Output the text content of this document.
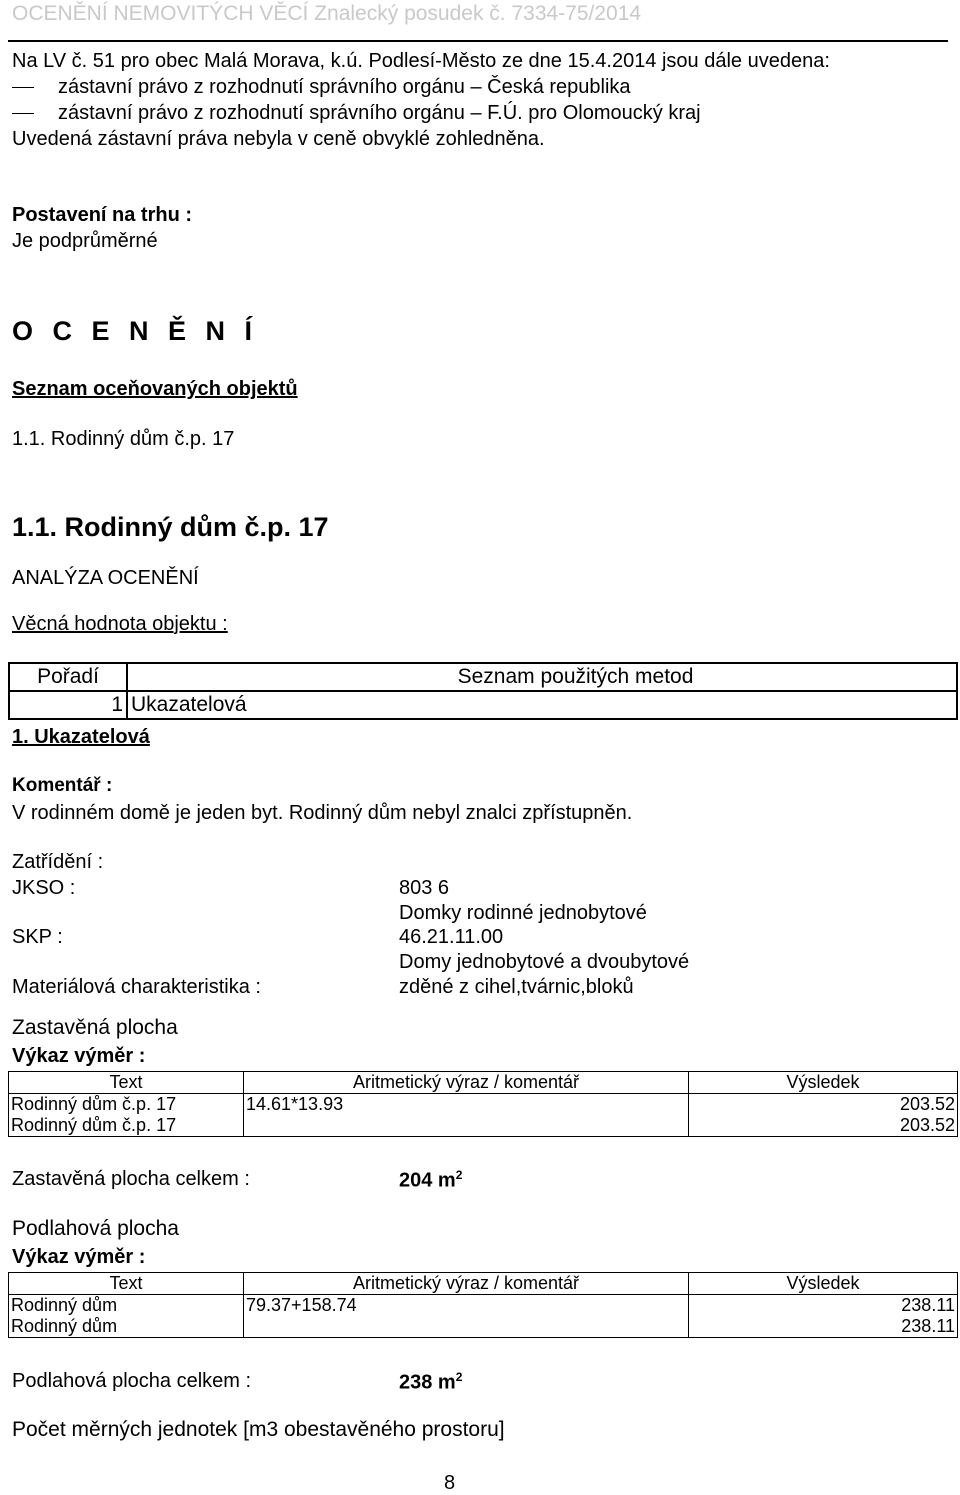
OCENĚNÍ NEMOVITÝCH VĚCÍ Znalecký posudek č. 7334-75/2014
Na LV č. 51 pro obec Malá Morava, k.ú. Podlesí-Město ze dne 15.4.2014 jsou dále uvedena:
zástavní právo z rozhodnutí správního orgánu – Česká republika
zástavní právo z rozhodnutí správního orgánu – F.Ú. pro Olomoucký kraj
Uvedená zástavní práva nebyla v ceně obvyklé zohledněna.
Postavení na trhu :
Je podprůměrné
O C E N Ě N Í
Seznam oceňovaných objektů
1.1. Rodinný dům č.p. 17
1.1. Rodinný dům č.p. 17
ANALÝZA OCENĚNÍ
Věcná hodnota objektu :
Pořadí	Seznam použitých metod
1	Ukazatelová
1. Ukazatelová
Komentář :
V rodinném domě je jeden byt. Rodinný dům nebyl znalci zpřístupněn.
Zatřídění :
JKSO :	803 6
Domky rodinné jednobytové
SKP :	46.21.11.00
Domy jednobytové a dvoubytové
Materiálová charakteristika :	zděné z cihel,tvárnic,bloků
Zastavěná plocha
Výkaz výměr :
Text	Aritmetický výraz / komentář	Výsledek
Rodinný dům č.p. 17	14.61*13.93	203.52
Rodinný dům č.p. 17		203.52
Zastavěná plocha celkem :	204 $m^2$
Podlahová plocha
Výkaz výměr :
Text	Aritmetický výraz / komentář	Výsledek
Rodinný dům	79.37+158.74	238.11
Rodinný dům		238.11
Podlahová plocha celkem :	238 $m^2$
Počet měrných jednotek [m3 obestavěného prostoru]
8
